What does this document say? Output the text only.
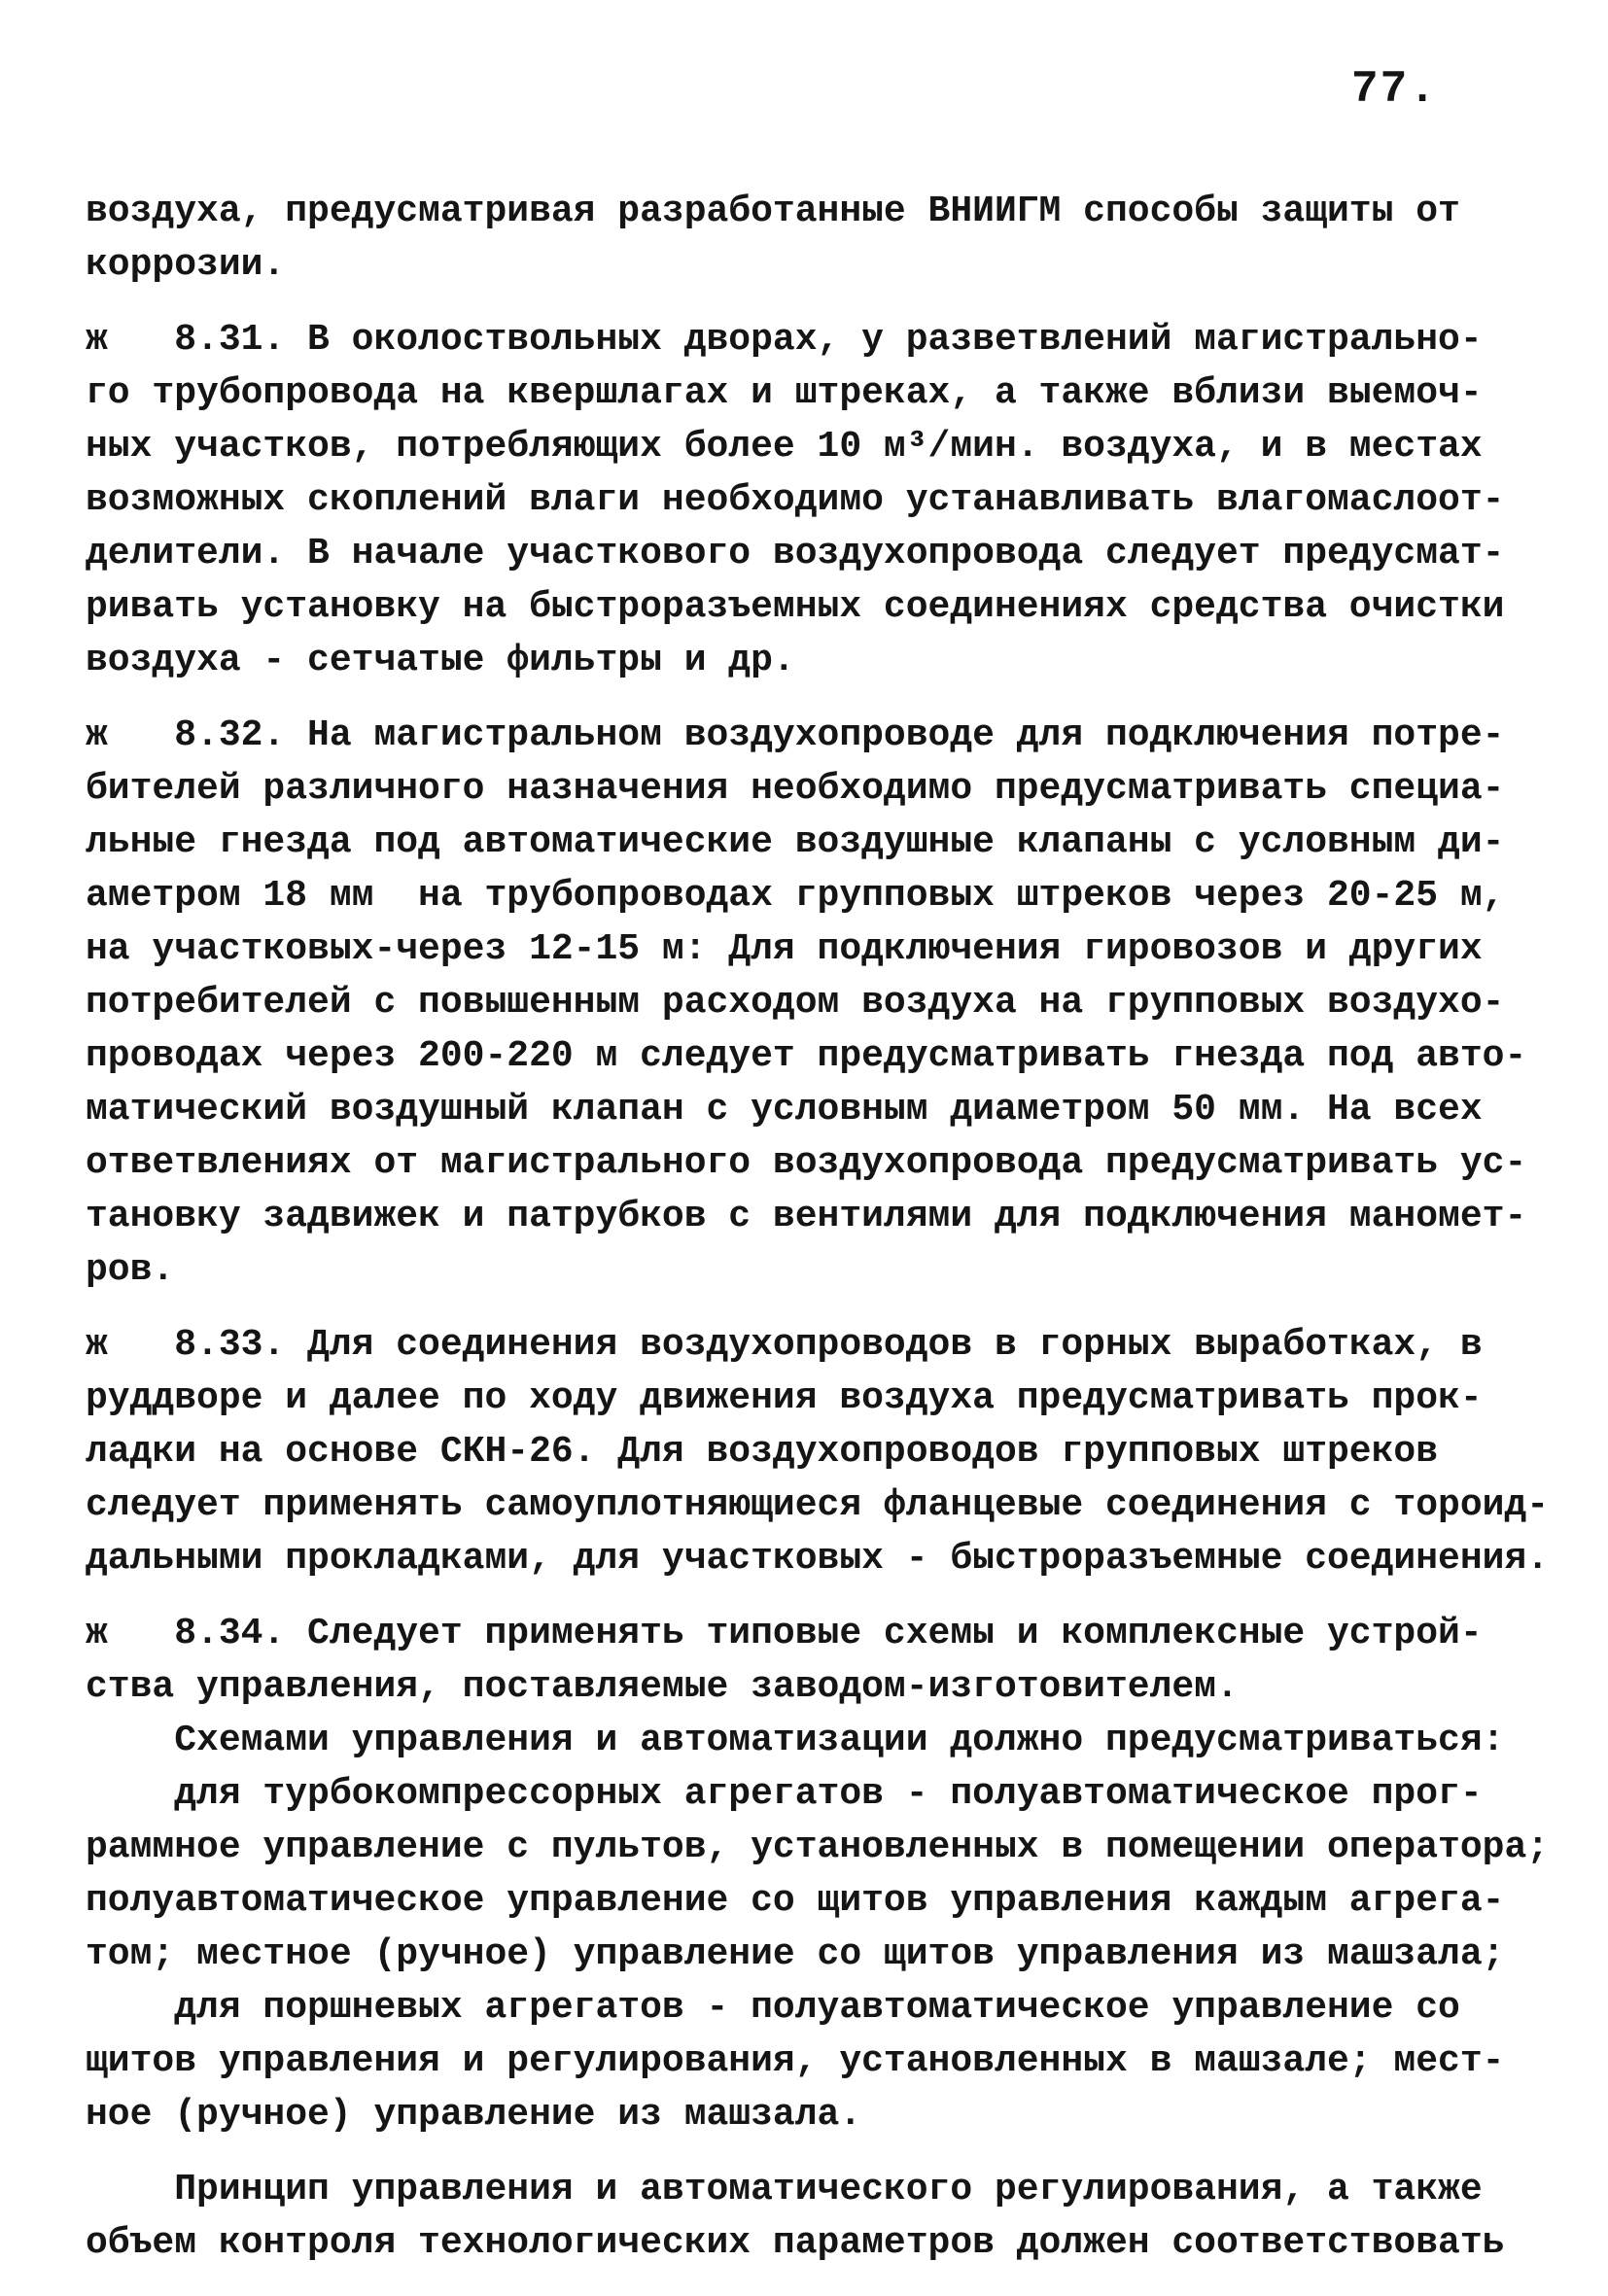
77.
воздуха, предусматривая разработанные ВНИИГМ способы защиты от
коррозии.
ж   8.31. В околоствольных дворах, у разветвлений магистрально-
го трубопровода на квершлагах и штреках, а также вблизи выемоч-
ных участков, потребляющих более 10 м³/мин. воздуха, и в местах
возможных скоплений влаги необходимо устанавливать влагомаслоот-
делители. В начале участкового воздухопровода следует предусмат-
ривать установку на быстроразъемных соединениях средства очистки
воздуха - сетчатые фильтры и др.
ж   8.32. На магистральном воздухопроводе для подключения потре-
бителей различного назначения необходимо предусматривать специа-
льные гнезда под автоматические воздушные клапаны с условным ди-
аметром 18 мм  на трубопроводах групповых штреков через 20-25 м,
на участковых-через 12-15 м: Для подключения гировозов и других
потребителей с повышенным расходом воздуха на групповых воздухо-
проводах через 200-220 м следует предусматривать гнезда под авто-
матический воздушный клапан с условным диаметром 50 мм. На всех
ответвлениях от магистрального воздухопровода предусматривать ус-
тановку задвижек и патрубков с вентилями для подключения маномет-
ров.
ж   8.33. Для соединения воздухопроводов в горных выработках, в
руддворе и далее по ходу движения воздуха предусматривать прок-
ладки на основе СКН-26. Для воздухопроводов групповых штреков
следует применять самоуплотняющиеся фланцевые соединения с тороид-
дальными прокладками, для участковых - быстроразъемные соединения.
ж   8.34. Следует применять типовые схемы и комплексные устрой-
ства управления, поставляемые заводом-изготовителем.
Схемами управления и автоматизации должно предусматриваться:
для турбокомпрессорных агрегатов - полуавтоматическое прог-
раммное управление с пультов, установленных в помещении оператора;
полуавтоматическое управление со щитов управления каждым агрега-
том; местное (ручное) управление со щитов управления из машзала;
для поршневых агрегатов - полуавтоматическое управление со
щитов управления и регулирования, установленных в машзале; мест-
ное (ручное) управление из машзала.
Принцип управления и автоматического регулирования, а также
объем контроля технологических параметров должен соответствовать
